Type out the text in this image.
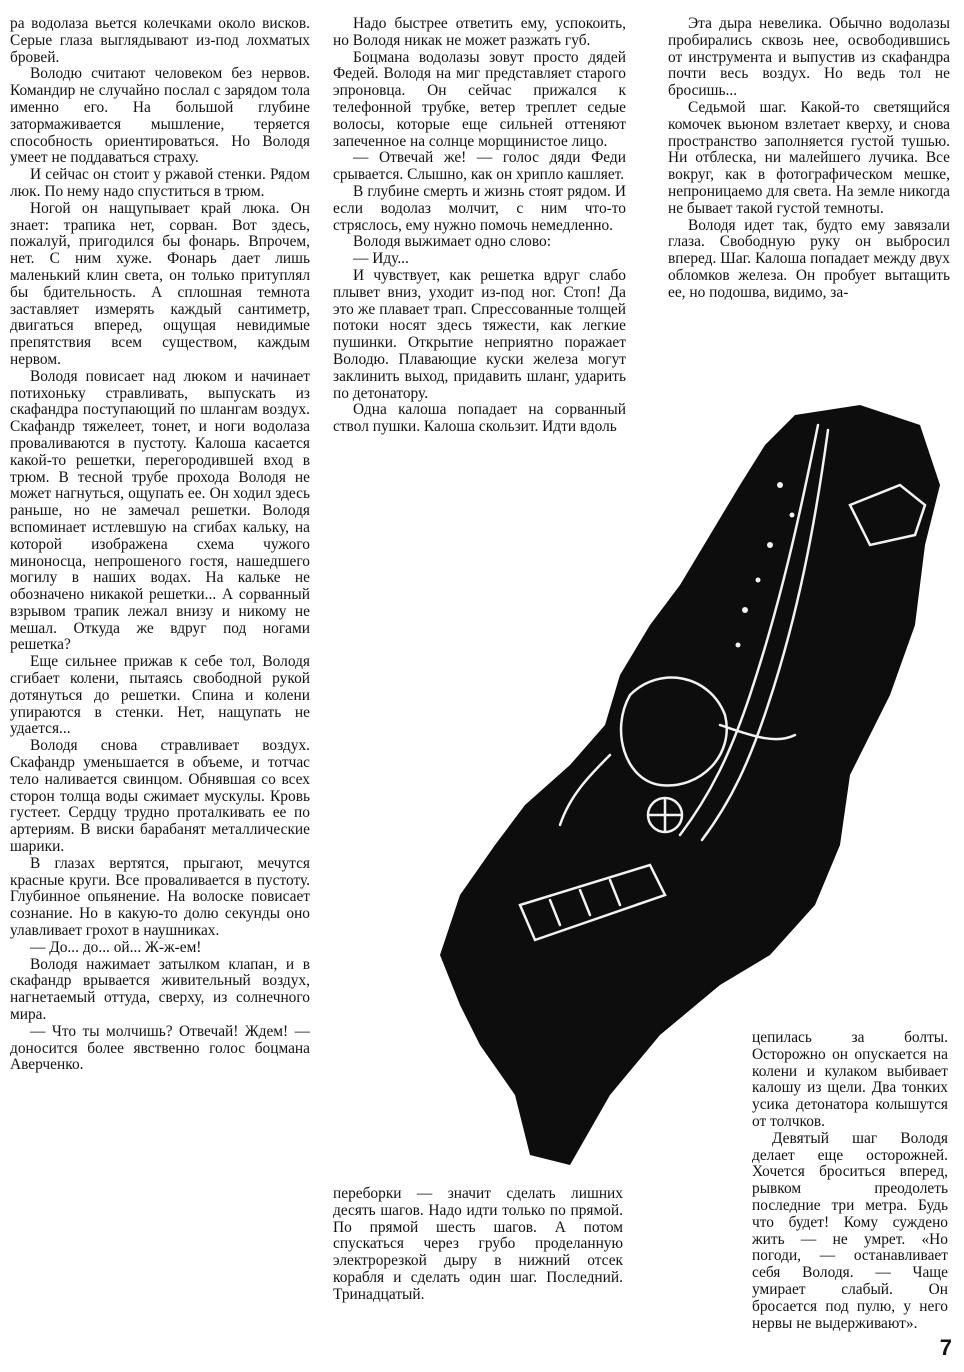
ра водолаза вьется колечками около висков. Серые глаза выглядывают из-под лохматых бровей.

Володю считают человеком без нервов. Командир не случайно послал с зарядом тола именно его. На большой глубине затормаживается мышление, теряется способность ориентироваться. Но Володя умеет не поддаваться страху.

И сейчас он стоит у ржавой стенки. Рядом люк. По нему надо спуститься в трюм.

Ногой он нащупывает край люка. Он знает: трапика нет, сорван. Вот здесь, пожалуй, пригодился бы фонарь. Впрочем, нет. С ним хуже. Фонарь дает лишь маленький клин света, он только притуплял бы бдительность. А сплошная темнота заставляет измерять каждый сантиметр, двигаться вперед, ощущая невидимые препятствия всем существом, каждым нервом.

Володя повисает над люком и начинает потихоньку стравливать, выпускать из скафандра поступающий по шлангам воздух. Скафандр тяжелеет, тонет, и ноги водолаза проваливаются в пустоту. Калоша касается какой-то решетки, перегородившей вход в трюм. В тесной трубе прохода Володя не может нагнуться, ощупать ее. Он ходил здесь раньше, но не замечал решетки. Володя вспоминает истлевшую на сгибах кальку, на которой изображена схема чужого миноносца, непрошеного гостя, нашедшего могилу в наших водах. На кальке не обозначено никакой решетки... А сорванный взрывом трапик лежал внизу и никому не мешал. Откуда же вдруг под ногами решетка?

Еще сильнее прижав к себе тол, Володя сгибает колени, пытаясь свободной рукой дотянуться до решетки. Спина и колени упираются в стенки. Нет, нащупать не удается...

Володя снова стравливает воздух. Скафандр уменьшается в объеме, и тотчас тело наливается свинцом. Обнявшая со всех сторон толща воды сжимает мускулы. Кровь густеет. Сердцу трудно проталкивать ее по артериям. В виски барабанят металлические шарики.

В глазах вертятся, прыгают, мечутся красные круги. Все проваливается в пустоту. Глубинное опьянение. На волоске повисает сознание. Но в какую-то долю секунды оно улавливает грохот в наушниках.

— До... до... ой... Ж-ж-ем!

Володя нажимает затылком клапан, и в скафандр врывается живительный воздух, нагнетаемый оттуда, сверху, из солнечного мира.

— Что ты молчишь? Отвечай! Ждем! — доносится более явственно голос боцмана Аверченко.

Надо быстрее ответить ему, успокоить, но Володя никак не может разжать губ.

Боцмана водолазы зовут просто дядей Федей. Володя на миг представляет старого эпроновца. Он сейчас прижался к телефонной трубке, ветер треплет седые волосы, которые еще сильней оттеняют запеченное на солнце морщинистое лицо.

— Отвечай же! — голос дяди Феди срывается. Слышно, как он хрипло кашляет.

В глубине смерть и жизнь стоят рядом. И если водолаз молчит, с ним что-то стряслось, ему нужно помочь немедленно.

Володя выжимает одно слово:

— Иду...

И чувствует, как решетка вдруг слабо плывет вниз, уходит из-под ног. Стоп! Да это же плавает трап. Спрессованные толщей потоки носят здесь тяжести, как легкие пушинки. Открытие неприятно поражает Володю. Плавающие куски железа могут заклинить выход, придавить шланг, ударить по детонатору.

Одна калоша попадает на сорванный ствол пушки. Калоша скользит. Идти вдоль

Эта дыра невелика. Обычно водолазы пробирались сквозь нее, освободившись от инструмента и выпустив из скафандра почти весь воздух. Но ведь тол не бросишь...

Седьмой шаг. Какой-то светящийся комочек вьюном взлетает кверху, и снова пространство заполняется густой тушью. Ни отблеска, ни малейшего лучика. Все вокруг, как в фотографическом мешке, непроницаемо для света. На земле никогда не бывает такой густой темноты.

Володя идет так, будто ему завязали глаза. Свободную руку он выбросил вперед. Шаг. Калоша попадает между двух обломков железа. Он пробует вытащить ее, но подошва, видимо, за-

цепилась за болты. Осторожно он опускается на колени и кулаком выбивает калошу из щели. Два тонких усика детонатора колышутся от толчков.

Девятый шаг Володя делает еще осторожней. Хочется броситься вперед, рывком преодолеть последние три метра. Будь что будет! Кому суждено жить — не умрет. «Но погоди, — останавливает себя Володя. — Чаще умирает слабый. Он бросается под пулю, у него нервы не выдерживают».

переборки — значит сделать лишних десять шагов. Надо идти только по прямой. По прямой шесть шагов. А потом спускаться через грубо проделанную электрорезкой дыру в нижний отсек корабля и сделать один шаг. Последний. Тринадцатый.

7
